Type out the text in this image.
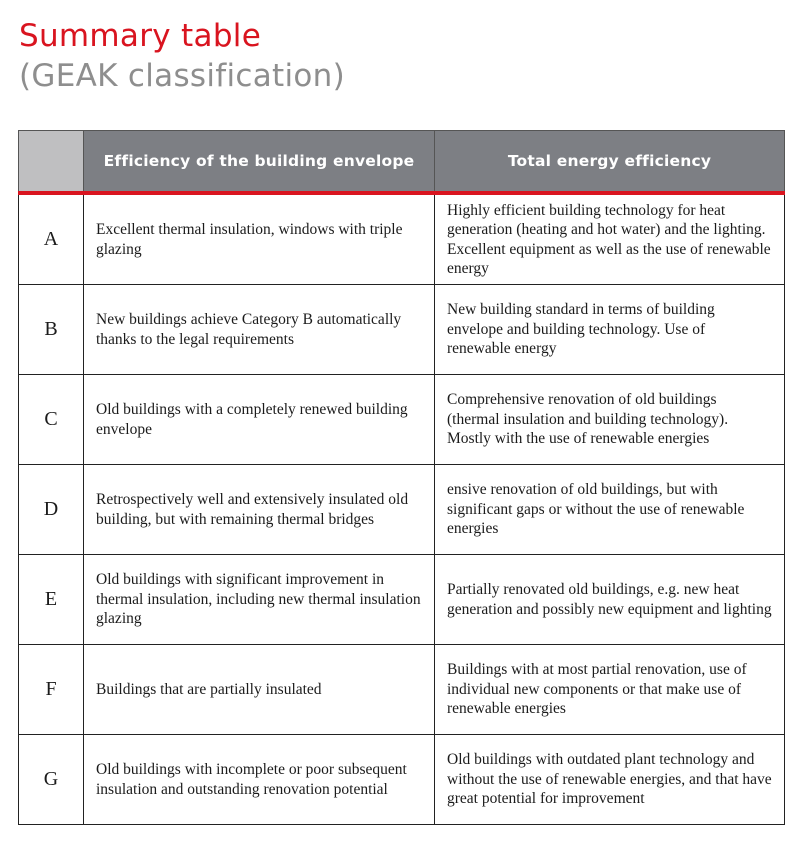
Summary table
(GEAK classification)
	Efficiency of the building envelope	Total energy efficiency
A	Excellent thermal insulation, windows with triple glazing	Highly efficient building technology for heat generation (heating and hot water) and the lighting. Excellent equipment as well as the use of renewable energy
B	New buildings achieve Category B automatically thanks to the legal requirements	New building standard in terms of building envelope and building technology. Use of renewable energy
C	Old buildings with a completely renewed building envelope	Comprehensive renovation of old buildings (thermal insulation and building technology). Mostly with the use of renewable energies
D	Retrospectively well and extensively insulated old building, but with remaining thermal bridges	ensive renovation of old buildings, but with significant gaps or without the use of renewable energies
E	Old buildings with significant improvement in thermal insulation, including new thermal insulation glazing	Partially renovated old buildings, e.g. new heat generation and possibly new equipment and lighting
F	Buildings that are partially insulated	Buildings with at most partial renovation, use of individual new components or that make use of renewable energies
G	Old buildings with incomplete or poor subsequent insulation and outstanding renovation potential	Old buildings with outdated plant technology and without the use of renewable energies, and that have great potential for improvement
